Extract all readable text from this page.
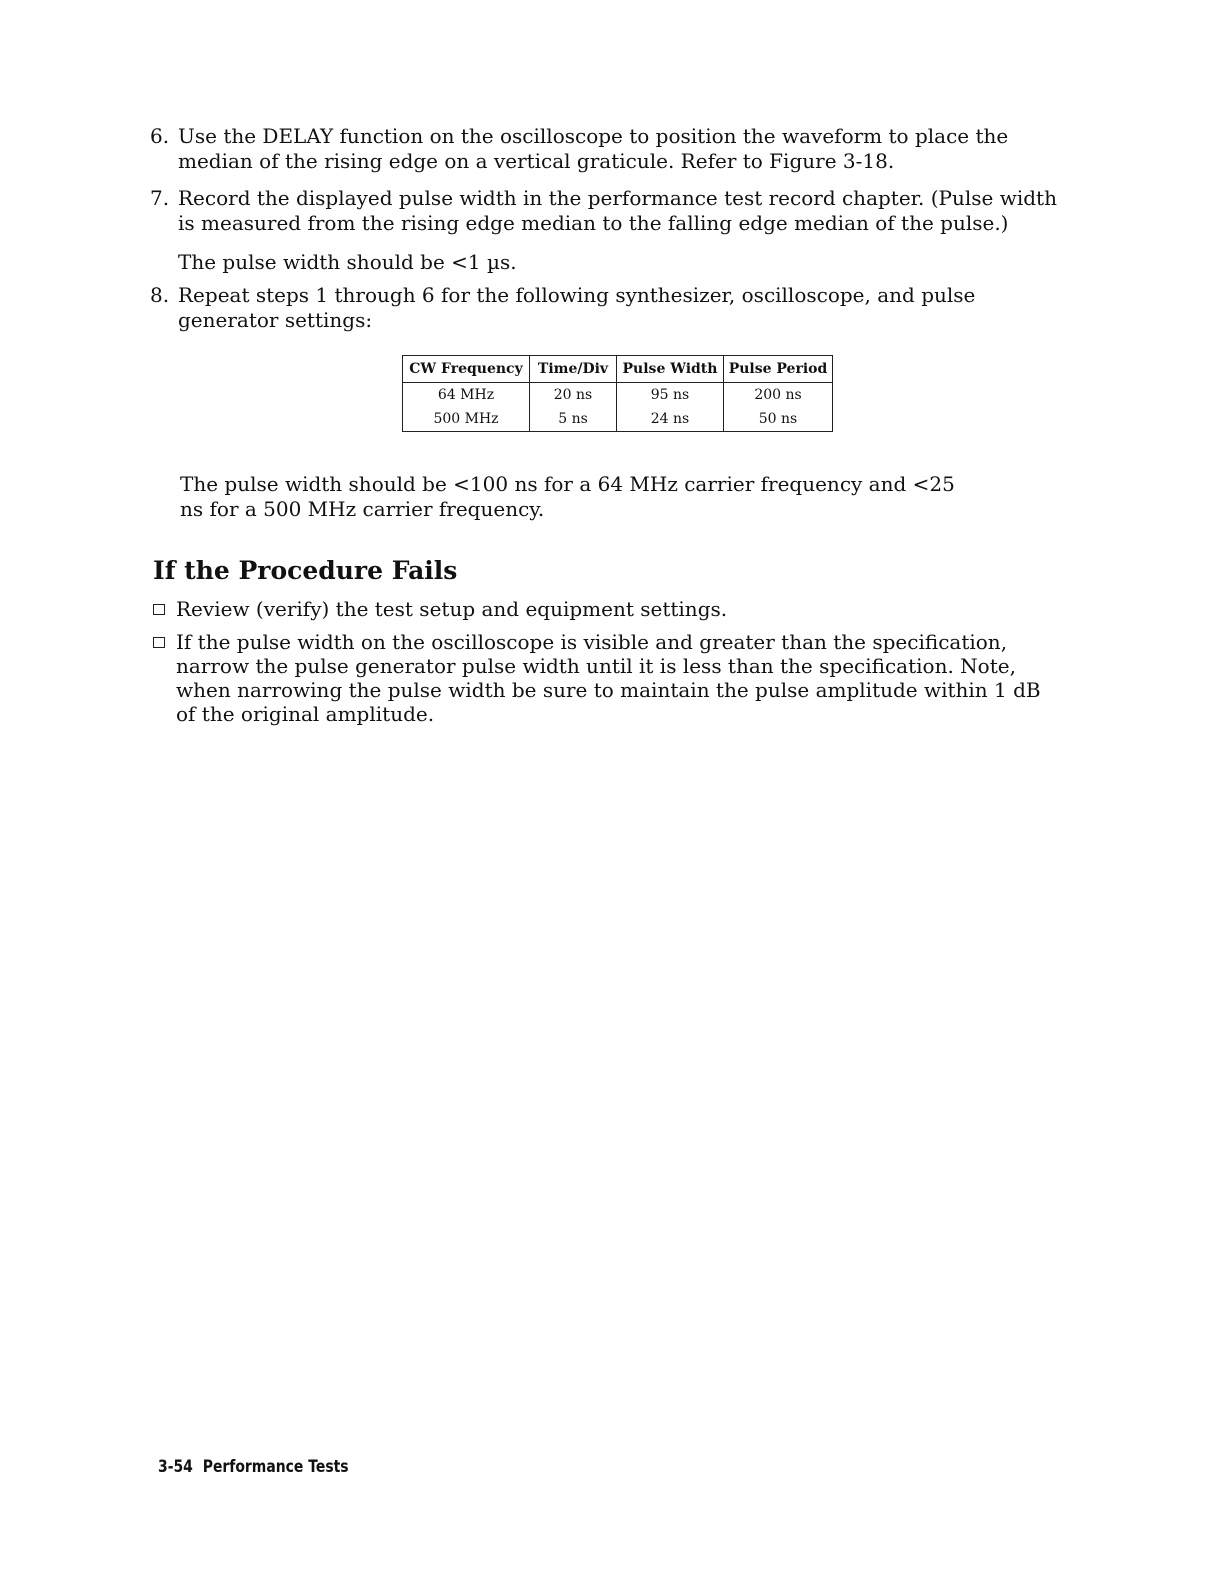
6. Use the DELAY function on the oscilloscope to position the waveform to place the median of the rising edge on a vertical graticule. Refer to Figure 3-18.
7. Record the displayed pulse width in the performance test record chapter. (Pulse width is measured from the rising edge median to the falling edge median of the pulse.)
The pulse width should be <1 µs.
8. Repeat steps 1 through 6 for the following synthesizer, oscilloscope, and pulse generator settings:
CW Frequency	Time/Div	Pulse Width	Pulse Period
64 MHz	20 ns	95 ns	200 ns
500 MHz	5 ns	24 ns	50 ns
The pulse width should be <100 ns for a 64 MHz carrier frequency and <25 ns for a 500 MHz carrier frequency.
If the Procedure Fails
Review (verify) the test setup and equipment settings.
If the pulse width on the oscilloscope is visible and greater than the specification, narrow the pulse generator pulse width until it is less than the specification. Note, when narrowing the pulse width be sure to maintain the pulse amplitude within 1 dB of the original amplitude.
3-54 Performance Tests
